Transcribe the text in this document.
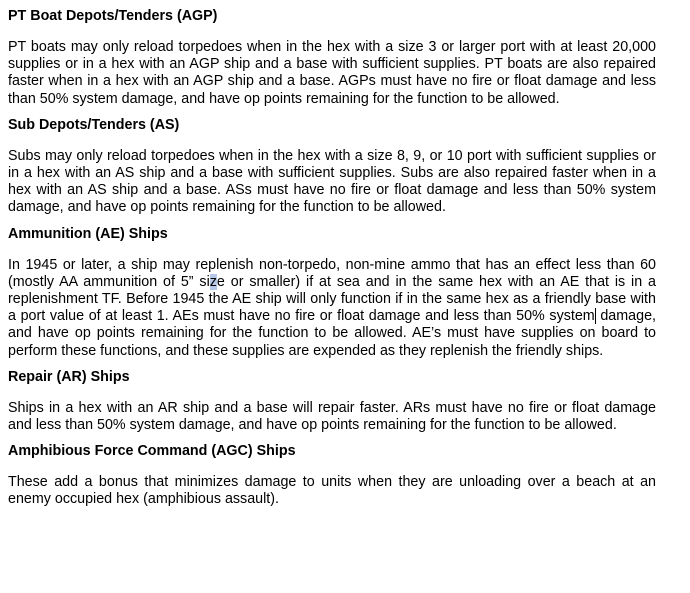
PT Boat Depots/Tenders (AGP)

PT boats may only reload torpedoes when in the hex with a size 3 or larger port with at least 20,000 supplies or in a hex with an AGP ship and a base with sufficient supplies. PT boats are also repaired faster when in a hex with an AGP ship and a base. AGPs must have no fire or float damage and less than 50% system damage, and have op points remaining for the function to be allowed.

Sub Depots/Tenders (AS)

Subs may only reload torpedoes when in the hex with a size 8, 9, or 10 port with sufficient supplies or in a hex with an AS ship and a base with sufficient supplies. Subs are also repaired faster when in a hex with an AS ship and a base. ASs must have no fire or float damage and less than 50% system damage, and have op points remaining for the function to be allowed.

Ammunition (AE) Ships

In 1945 or later, a ship may replenish non-torpedo, non-mine ammo that has an effect less than 60 (mostly AA ammunition of 5” size or smaller) if at sea and in the same hex with an AE that is in a replenishment TF. Before 1945 the AE ship will only function if in the same hex as a friendly base with a port value of at least 1. AEs must have no fire or float damage and less than 50% system damage, and have op points remaining for the function to be allowed. AE’s must have supplies on board to perform these functions, and these supplies are expended as they replenish the friendly ships.

Repair (AR) Ships

Ships in a hex with an AR ship and a base will repair faster. ARs must have no fire or float damage and less than 50% system damage, and have op points remaining for the function to be allowed.

Amphibious Force Command (AGC) Ships

These add a bonus that minimizes damage to units when they are unloading over a beach at an enemy occupied hex (amphibious assault).
